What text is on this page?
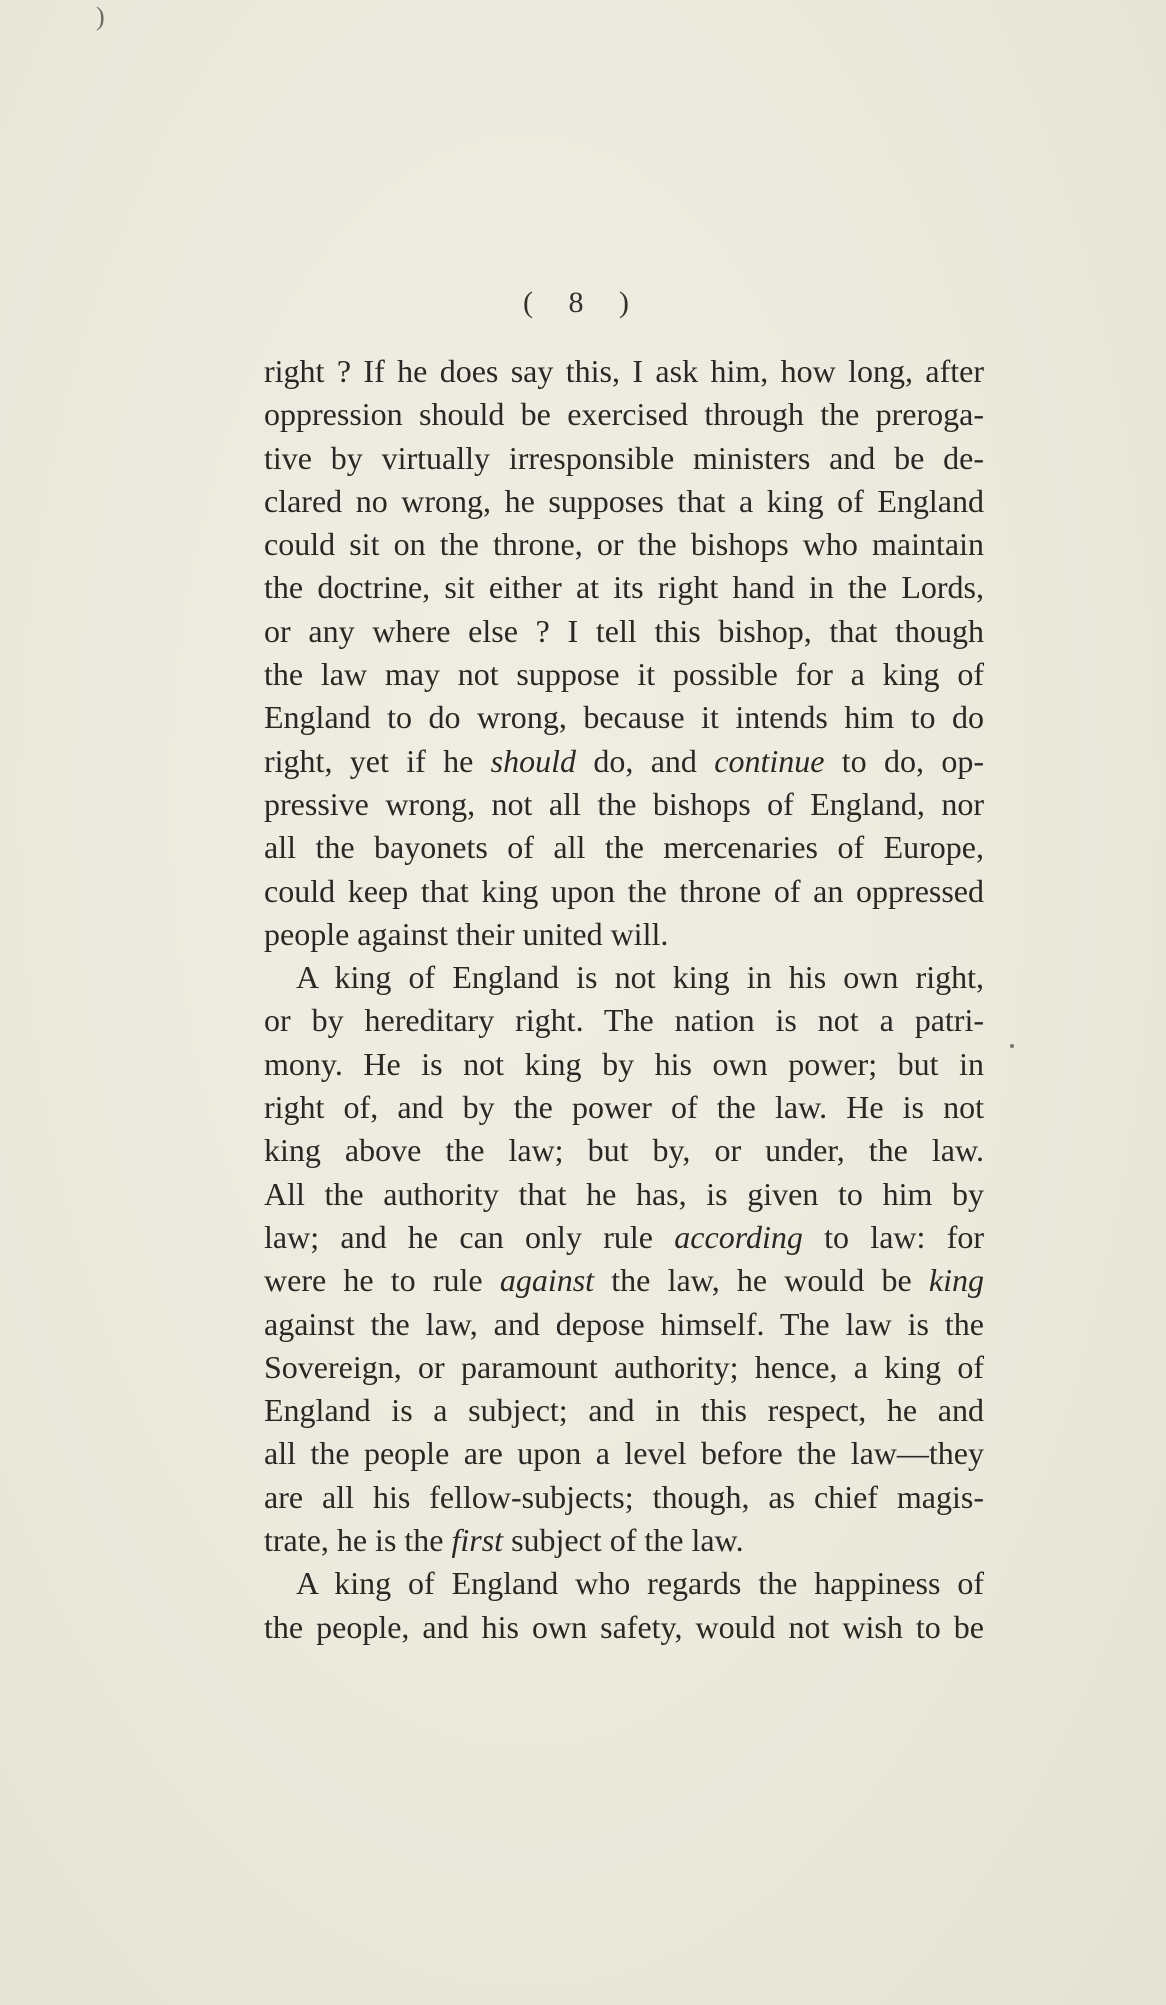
)
( 8 )
right ? If he does say this, I ask him, how long, after
oppression should be exercised through the preroga-
tive by virtually irresponsible ministers and be de-
clared no wrong, he supposes that a king of England
could sit on the throne, or the bishops who maintain
the doctrine, sit either at its right hand in the Lords,
or any where else ? I tell this bishop, that though
the law may not suppose it possible for a king of
England to do wrong, because it intends him to do
right, yet if he should do, and continue to do, op-
pressive wrong, not all the bishops of England, nor
all the bayonets of all the mercenaries of Europe,
could keep that king upon the throne of an oppressed
people against their united will.
A king of England is not king in his own right,
or by hereditary right. The nation is not a patri-
mony. He is not king by his own power; but in
right of, and by the power of the law. He is not
king above the law; but by, or under, the law.
All the authority that he has, is given to him by
law; and he can only rule according to law: for
were he to rule against the law, he would be king
against the law, and depose himself. The law is the
Sovereign, or paramount authority; hence, a king of
England is a subject; and in this respect, he and
all the people are upon a level before the law—they
are all his fellow-subjects; though, as chief magis-
trate, he is the first subject of the law.
A king of England who regards the happiness of
the people, and his own safety, would not wish to be
